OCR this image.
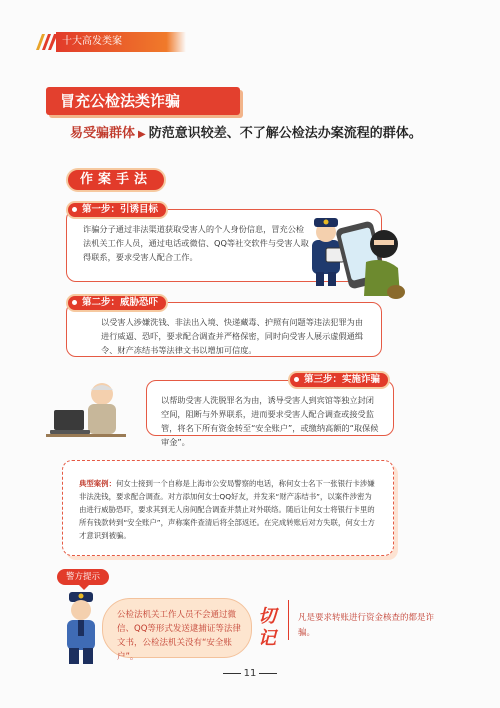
十大高发类案
冒充公检法类诈骗
易受骗群体 ▶ 防范意识较差、不了解公检法办案流程的群体。
作案手法
诈骗分子通过非法渠道获取受害人的个人身份信息，冒充公检法机关工作人员，通过电话或微信、QQ等社交软件与受害人取得联系，要求受害人配合工作。
第一步：引诱目标
以受害人涉嫌洗钱、非法出入境、快递藏毒、护照有问题等违法犯罪为由进行威逼、恐吓，要求配合调查并严格保密，同时向受害人展示虚假通缉令、财产冻结书等法律文书以增加可信度。
第二步：威胁恐吓
以帮助受害人洗脱罪名为由，诱导受害人到宾馆等独立封闭空间，阻断与外界联系，进而要求受害人配合调查或接受监管，将名下所有资金转至“安全账户”，或缴纳高额的“取保候审金”。
第三步：实施诈骗
典型案例：何女士接到一个自称是上海市公安局警察的电话，称何女士名下一张银行卡涉嫌非法洗钱，要求配合调查。对方添加何女士QQ好友，并发来“财产冻结书”，以案件涉密为由进行威胁恐吓，要求其到无人房间配合调查并禁止对外联络。随后让何女士将银行卡里的所有钱款转到“安全账户”，声称案件查清后将全部返还。在完成转账后对方失联，何女士方才意识到被骗。
警方提示
公检法机关工作人员不会通过微信、QQ等形式发送逮捕证等法律文书，公检法机关没有“安全账户”。
切记
凡是要求转账进行资金核查的都是诈骗。
11
